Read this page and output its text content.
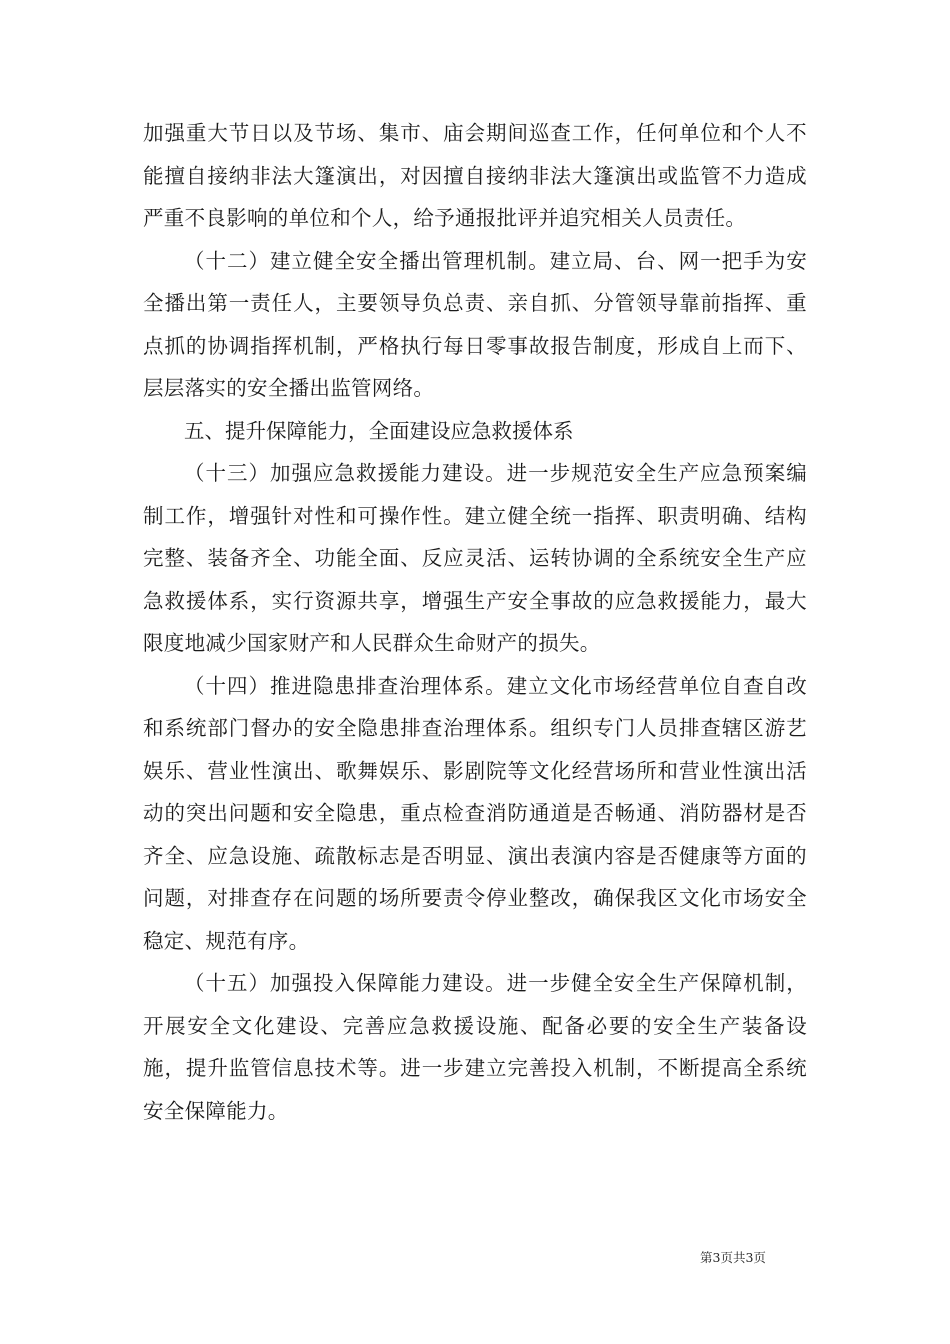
加强重大节日以及节场、集市、庙会期间巡查工作，任何单位和个人不能擅自接纳非法大篷演出，对因擅自接纳非法大篷演出或监管不力造成严重不良影响的单位和个人，给予通报批评并追究相关人员责任。

（十二）建立健全安全播出管理机制。建立局、台、网一把手为安全播出第一责任人，主要领导负总责、亲自抓、分管领导靠前指挥、重点抓的协调指挥机制，严格执行每日零事故报告制度，形成自上而下、层层落实的安全播出监管网络。

五、提升保障能力，全面建设应急救援体系

（十三）加强应急救援能力建设。进一步规范安全生产应急预案编制工作，增强针对性和可操作性。建立健全统一指挥、职责明确、结构完整、装备齐全、功能全面、反应灵活、运转协调的全系统安全生产应急救援体系，实行资源共享，增强生产安全事故的应急救援能力，最大限度地减少国家财产和人民群众生命财产的损失。

（十四）推进隐患排查治理体系。建立文化市场经营单位自查自改和系统部门督办的安全隐患排查治理体系。组织专门人员排查辖区游艺娱乐、营业性演出、歌舞娱乐、影剧院等文化经营场所和营业性演出活动的突出问题和安全隐患，重点检查消防通道是否畅通、消防器材是否齐全、应急设施、疏散标志是否明显、演出表演内容是否健康等方面的问题，对排查存在问题的场所要责令停业整改，确保我区文化市场安全稳定、规范有序。

（十五）加强投入保障能力建设。进一步健全安全生产保障机制，开展安全文化建设、完善应急救援设施、配备必要的安全生产装备设施，提升监管信息技术等。进一步建立完善投入机制，不断提高全系统安全保障能力。

第3页共3页
